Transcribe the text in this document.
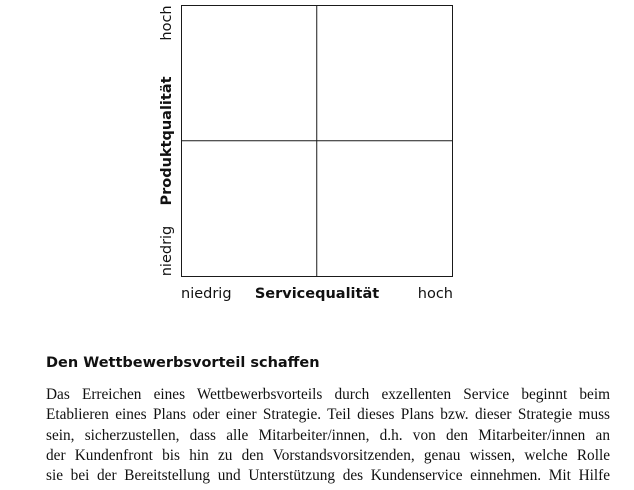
hoch
Produktqualität
niedrig
niedrig Servicequalität	hoch
Den Wettbewerbsvorteil schaffen
Das Erreichen eines Wettbewerbsvorteils durch exzellenten Service beginnt beim
Etablieren eines Plans oder einer Strategie. Teil dieses Plans bzw. dieser Strategie muss
sein, sicherzustellen, dass alle Mitarbeiter/innen, d.h. von den Mitarbeiter/innen an
der Kundenfront bis hin zu den Vorstandsvorsitzenden, genau wissen, welche Rolle
sie bei der Bereitstellung und Unterstützung des Kundenservice einnehmen. Mit Hilfe
